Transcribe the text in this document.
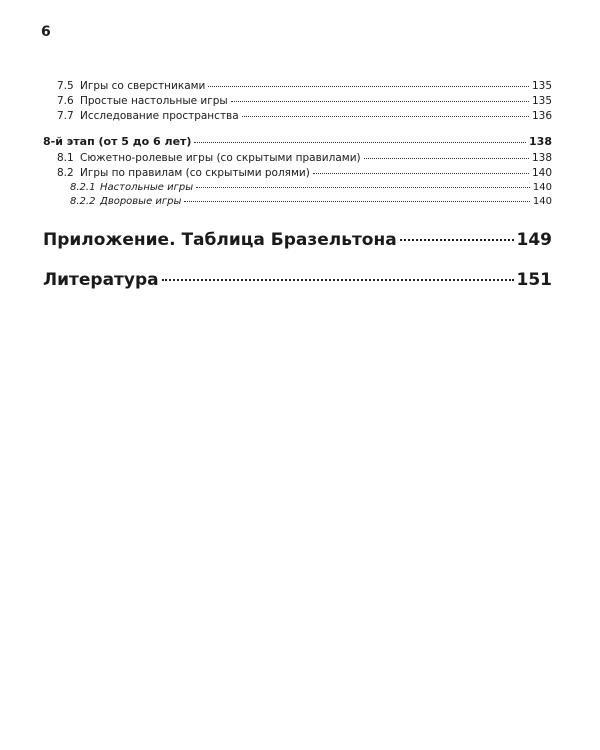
6
7.5 Игры со сверстниками	135
7.6 Простые настольные игры	135
7.7 Исследование пространства	136
8-й этап (от 5 до 6 лет)	138
8.1 Сюжетно-ролевые игры (со скрытыми правилами)	138
8.2 Игры по правилам (со скрытыми ролями)	140
8.2.1 Настольные игры	140
8.2.2 Дворовые игры	140
Приложение. Таблица Бразельтона	149
Литература	151
